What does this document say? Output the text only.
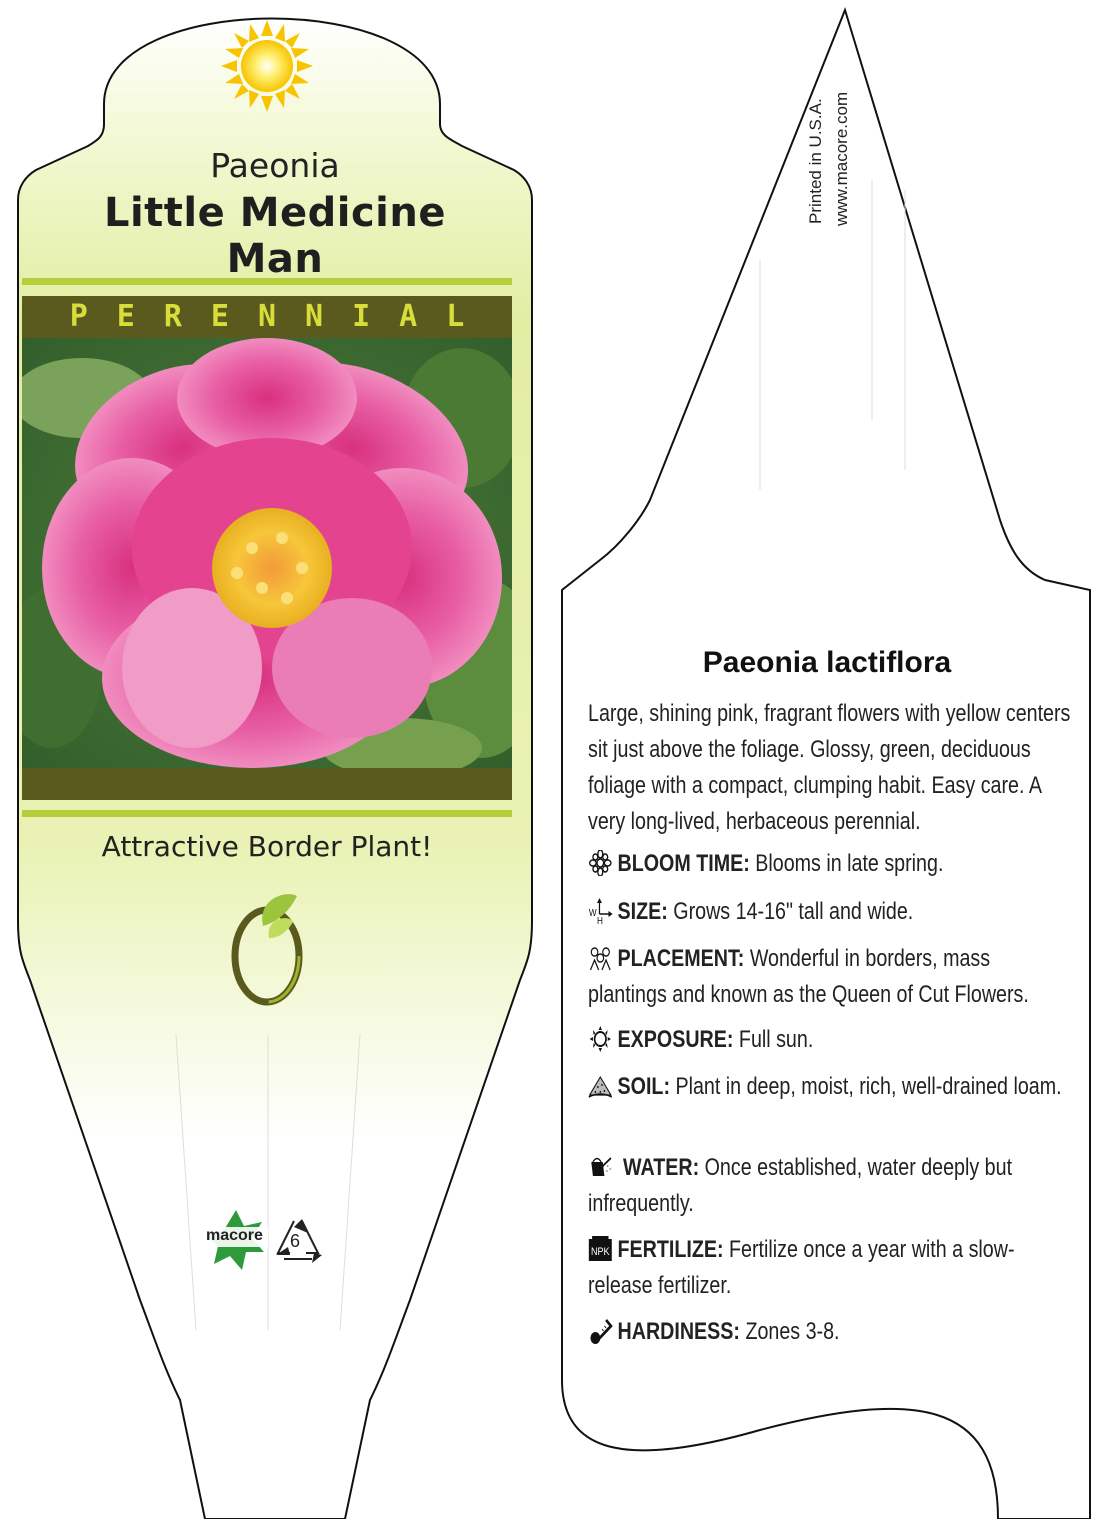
Paeonia
Little Medicine
Man
PERENNIAL
Attractive Border Plant!
macore 6
Printed in U.S.A. www.macore.com
Paeonia lactiflora
Large, shining pink, fragrant flowers with yellow centers sit just above the foliage. Glossy, green, deciduous foliage with a compact, clumping habit. Easy care. A very long-lived, herbaceous perennial.
BLOOM TIME: Blooms in late spring.
W
H SIZE: Grows 14-16" tall and wide.
PLACEMENT: Wonderful in borders, mass plantings and known as the Queen of Cut Flowers.
EXPOSURE: Full sun.
SOIL: Plant in deep, moist, rich, well-drained loam.
WATER: Once established, water deeply but infrequently.
NPK FERTILIZE: Fertilize once a year with a slow-release fertilizer.
HARDINESS: Zones 3-8.
